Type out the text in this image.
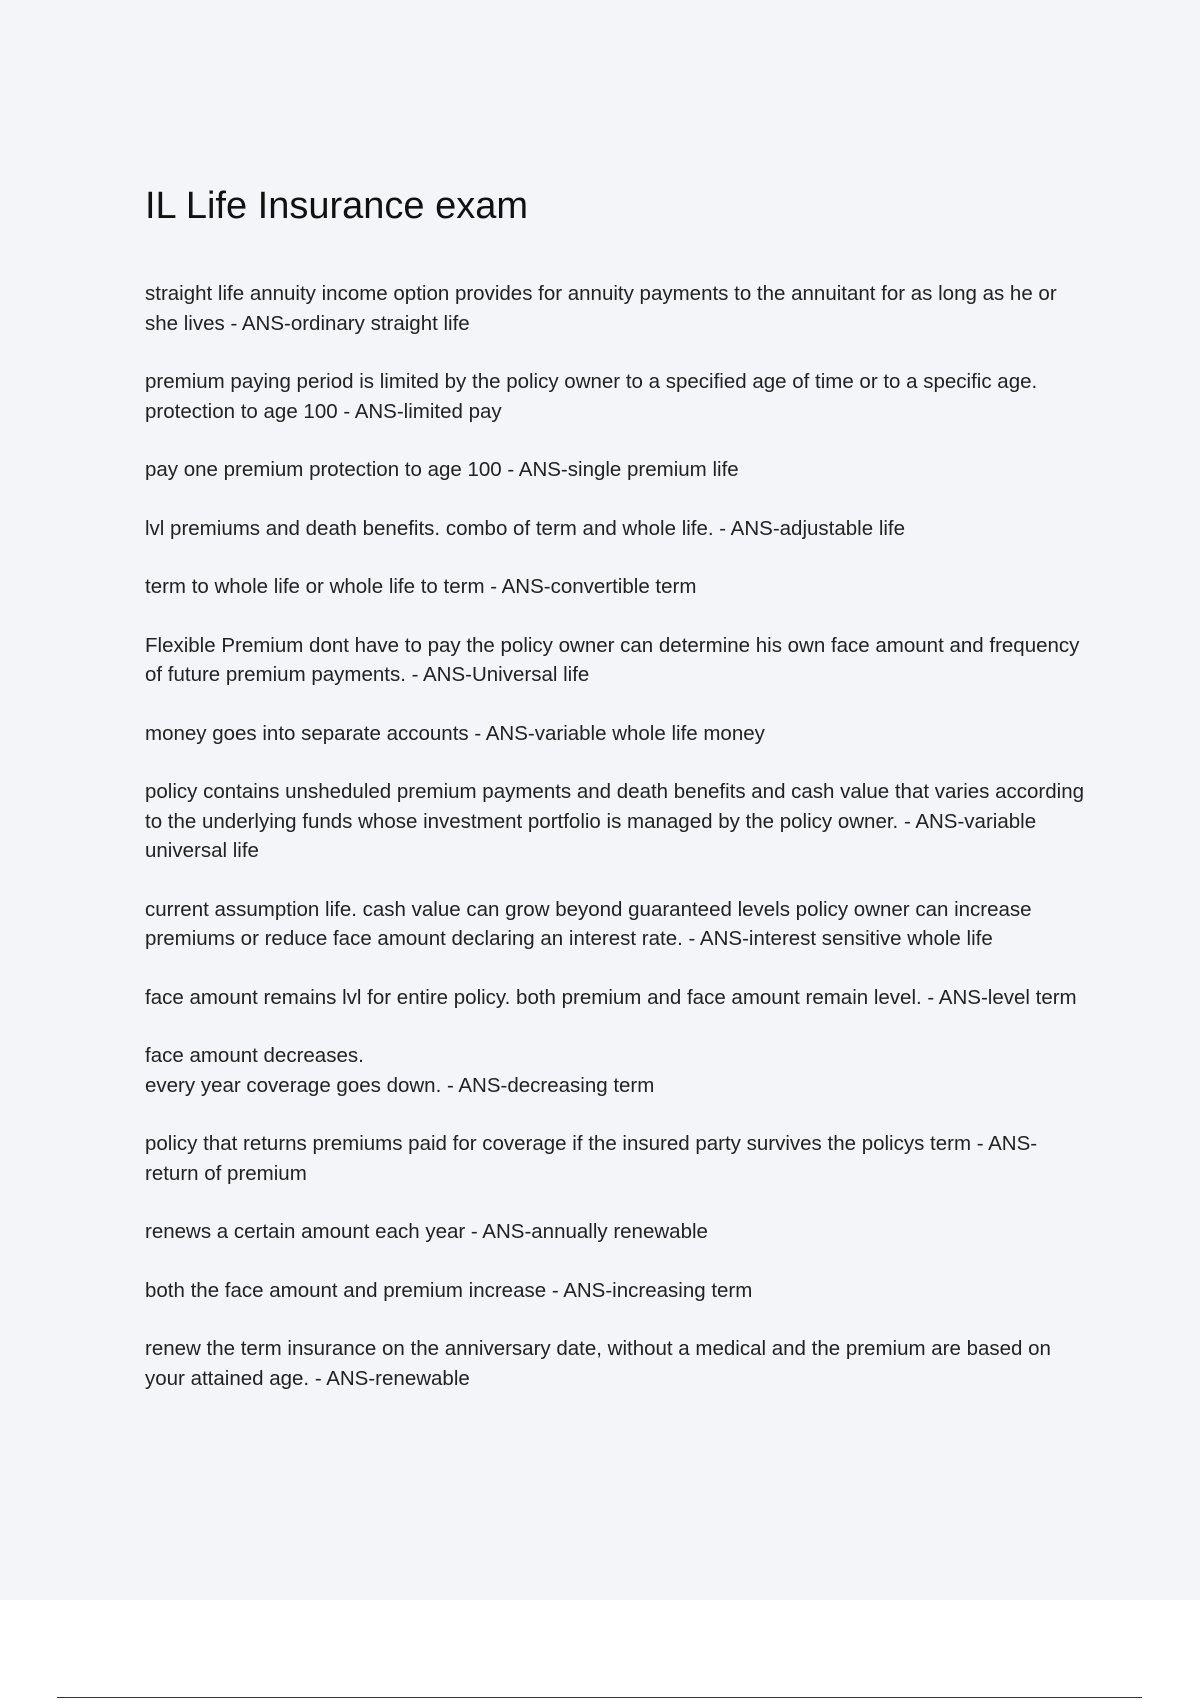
IL Life Insurance exam
straight life annuity income option provides for annuity payments to the annuitant for as long as he or she lives - ANS-ordinary straight life
premium paying period is limited by the policy owner to a specified age of time or to a specific age. protection to age 100 - ANS-limited pay
pay one premium protection to age 100 - ANS-single premium life
lvl premiums and death benefits. combo of term and whole life. - ANS-adjustable life
term to whole life or whole life to term - ANS-convertible term
Flexible Premium dont have to pay the policy owner can determine his own face amount and frequency of future premium payments. - ANS-Universal life
money goes into separate accounts - ANS-variable whole life money
policy contains unsheduled premium payments and death benefits and cash value that varies according to the underlying funds whose investment portfolio is managed by the policy owner. - ANS-variable universal life
current assumption life. cash value can grow beyond guaranteed levels policy owner can increase premiums or reduce face amount declaring an interest rate. - ANS-interest sensitive whole life
face amount remains lvl for entire policy. both premium and face amount remain level. - ANS-level term
face amount decreases.
every year coverage goes down. - ANS-decreasing term
policy that returns premiums paid for coverage if the insured party survives the policys term - ANS-return of premium
renews a certain amount each year - ANS-annually renewable
both the face amount and premium increase - ANS-increasing term
renew the term insurance on the anniversary date, without a medical and the premium are based on your attained age. - ANS-renewable
